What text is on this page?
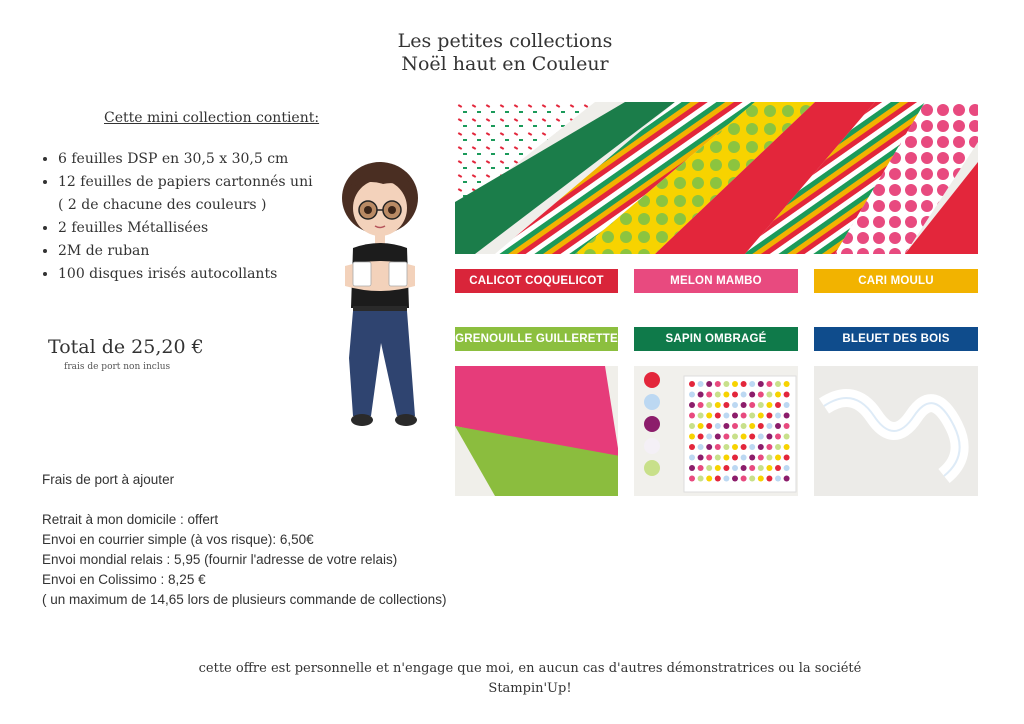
Les petites collections
Noël haut en Couleur
Cette mini collection contient:
• 6 feuilles DSP en 30,5 x 30,5 cm
• 12 feuilles de papiers cartonnés uni
( 2 de chacune des couleurs )
• 2 feuilles Métallisées
• 2M de ruban
• 100 disques irisés autocollants
Total de 25,20 €
frais de port non inclus
CALICOT COQUELICOT	MELON MAMBO	CARI MOULU
GRENOUILLE GUILLERETTE	SAPIN OMBRAGÉ	BLEUET DES BOIS
Frais de port à ajouter
Retrait à mon domicile : offert
Envoi en courrier simple (à vos risque): 6,50€
Envoi mondial relais : 5,95 (fournir l'adresse de votre relais)
Envoi en Colissimo : 8,25 €
( un maximum de 14,65 lors de plusieurs commande de collections)
cette offre est personnelle et n'engage que moi, en aucun cas d'autres démonstratrices ou la société
Stampin'Up!
